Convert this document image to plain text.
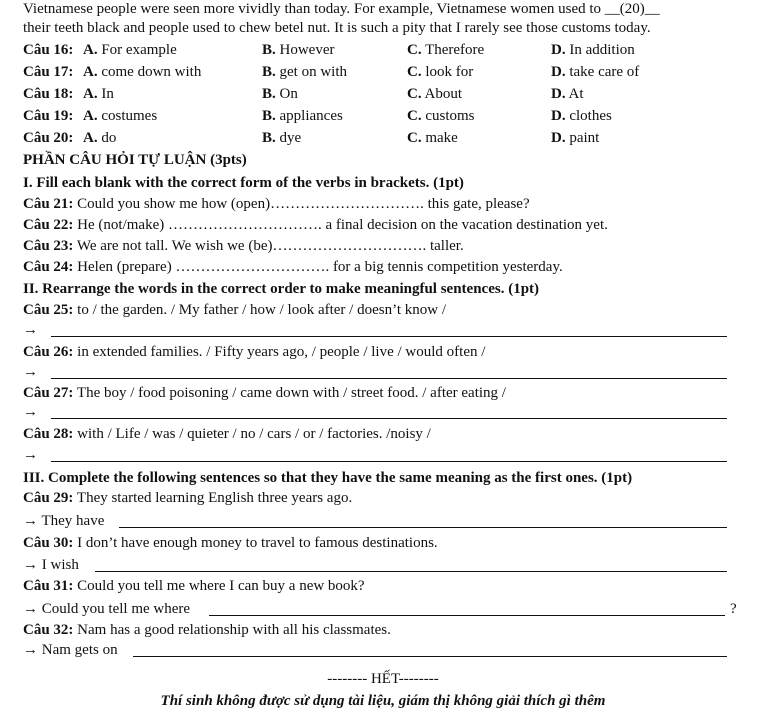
Vietnamese people were seen more vividly than today. For example, Vietnamese women used to __(20)__
their teeth black and people used to chew betel nut. It is such a pity that I rarely see those customs today.
Câu 16: A. For example	B. However	C. Therefore	D. In addition
Câu 17: A. come down with	B. get on with	C. look for	D. take care of
Câu 18: A. In	B. On	C. About	D. At
Câu 19: A. costumes	B. appliances	C. customs	D. clothes
Câu 20: A. do	B. dye	C. make	D. paint
PHẦN CÂU HỎI TỰ LUẬN (3pts)
I. Fill each blank with the correct form of the verbs in brackets. (1pt)
Câu 21: Could you show me how (open)…………………………. this gate, please?
Câu 22: He (not/make) …………………………. a final decision on the vacation destination yet.
Câu 23: We are not tall. We wish we (be)…………………………. taller.
Câu 24: Helen (prepare) …………………………. for a big tennis competition yesterday.
II. Rearrange the words in the correct order to make meaningful sentences. (1pt)
Câu 25: to / the garden. / My father / how / look after / doesn’t know /
→
Câu 26: in extended families. / Fifty years ago, / people / live / would often /
→
Câu 27: The boy / food poisoning / came down with / street food. / after eating /
→
Câu 28: with / Life / was / quieter / no / cars / or / factories. /noisy /
→
III. Complete the following sentences so that they have the same meaning as the first ones. (1pt)
Câu 29: They started learning English three years ago.
→ They have
Câu 30: I don’t have enough money to travel to famous destinations.
→ I wish
Câu 31: Could you tell me where I can buy a new book?
→ Could you tell me where	?
Câu 32: Nam has a good relationship with all his classmates.
→ Nam gets on
-------- HẾT--------
Thí sinh không được sử dụng tài liệu, giám thị không giải thích gì thêm
